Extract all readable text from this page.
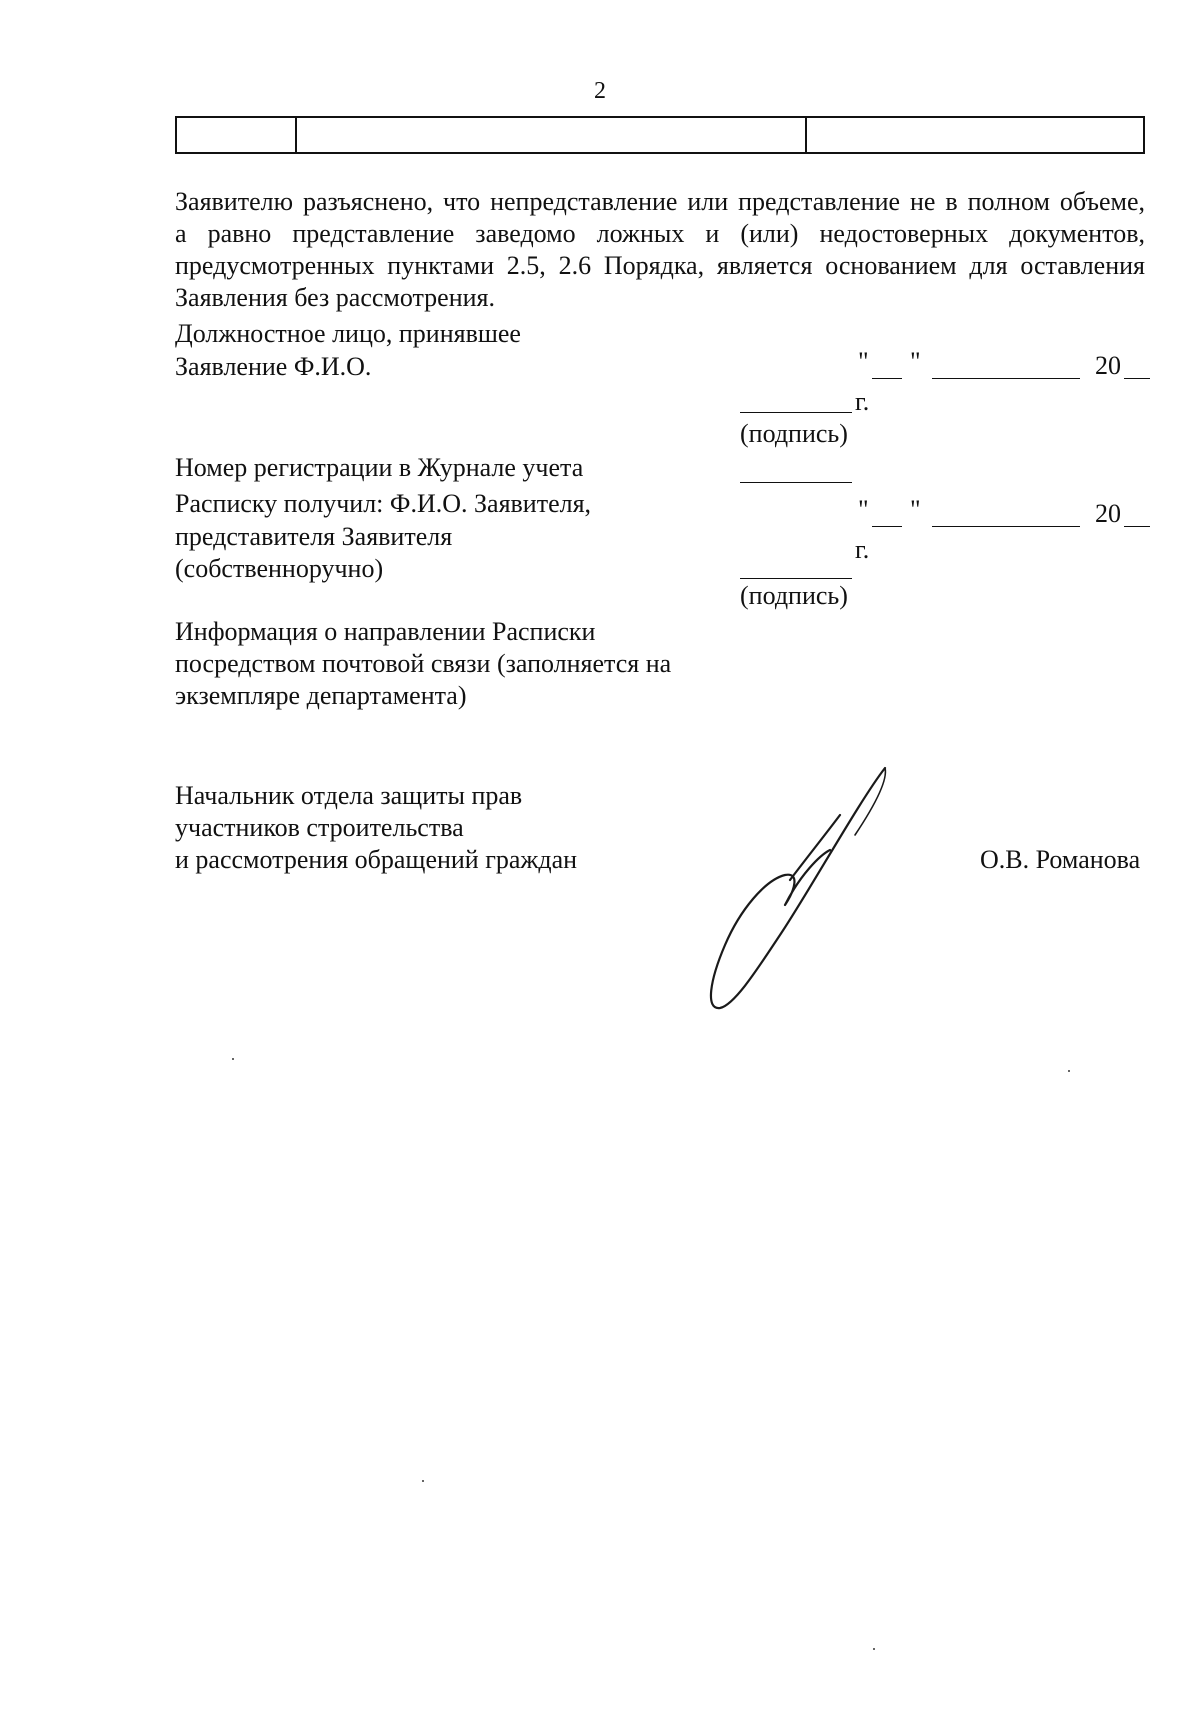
2
Заявителю разъяснено, что непредставление или представление не в полном объеме,
а равно представление заведомо ложных и (или) недостоверных документов,
предусмотренных пунктами 2.5, 2.6 Порядка, является основанием для оставления
Заявления без рассмотрения.
Должностное лицо, принявшее
Заявление Ф.И.О.	" "	20
г.
(подпись)
Номер регистрации в Журнале учета
Расписку получил: Ф.И.О. Заявителя,
представителя Заявителя
(собственноручно)
" "	20
г.
(подпись)
Информация о направлении Расписки
посредством почтовой связи (заполняется на
экземпляре департамента)
Начальник отдела защиты прав
участников строительства
и рассмотрения обращений граждан	О.В. Романова
